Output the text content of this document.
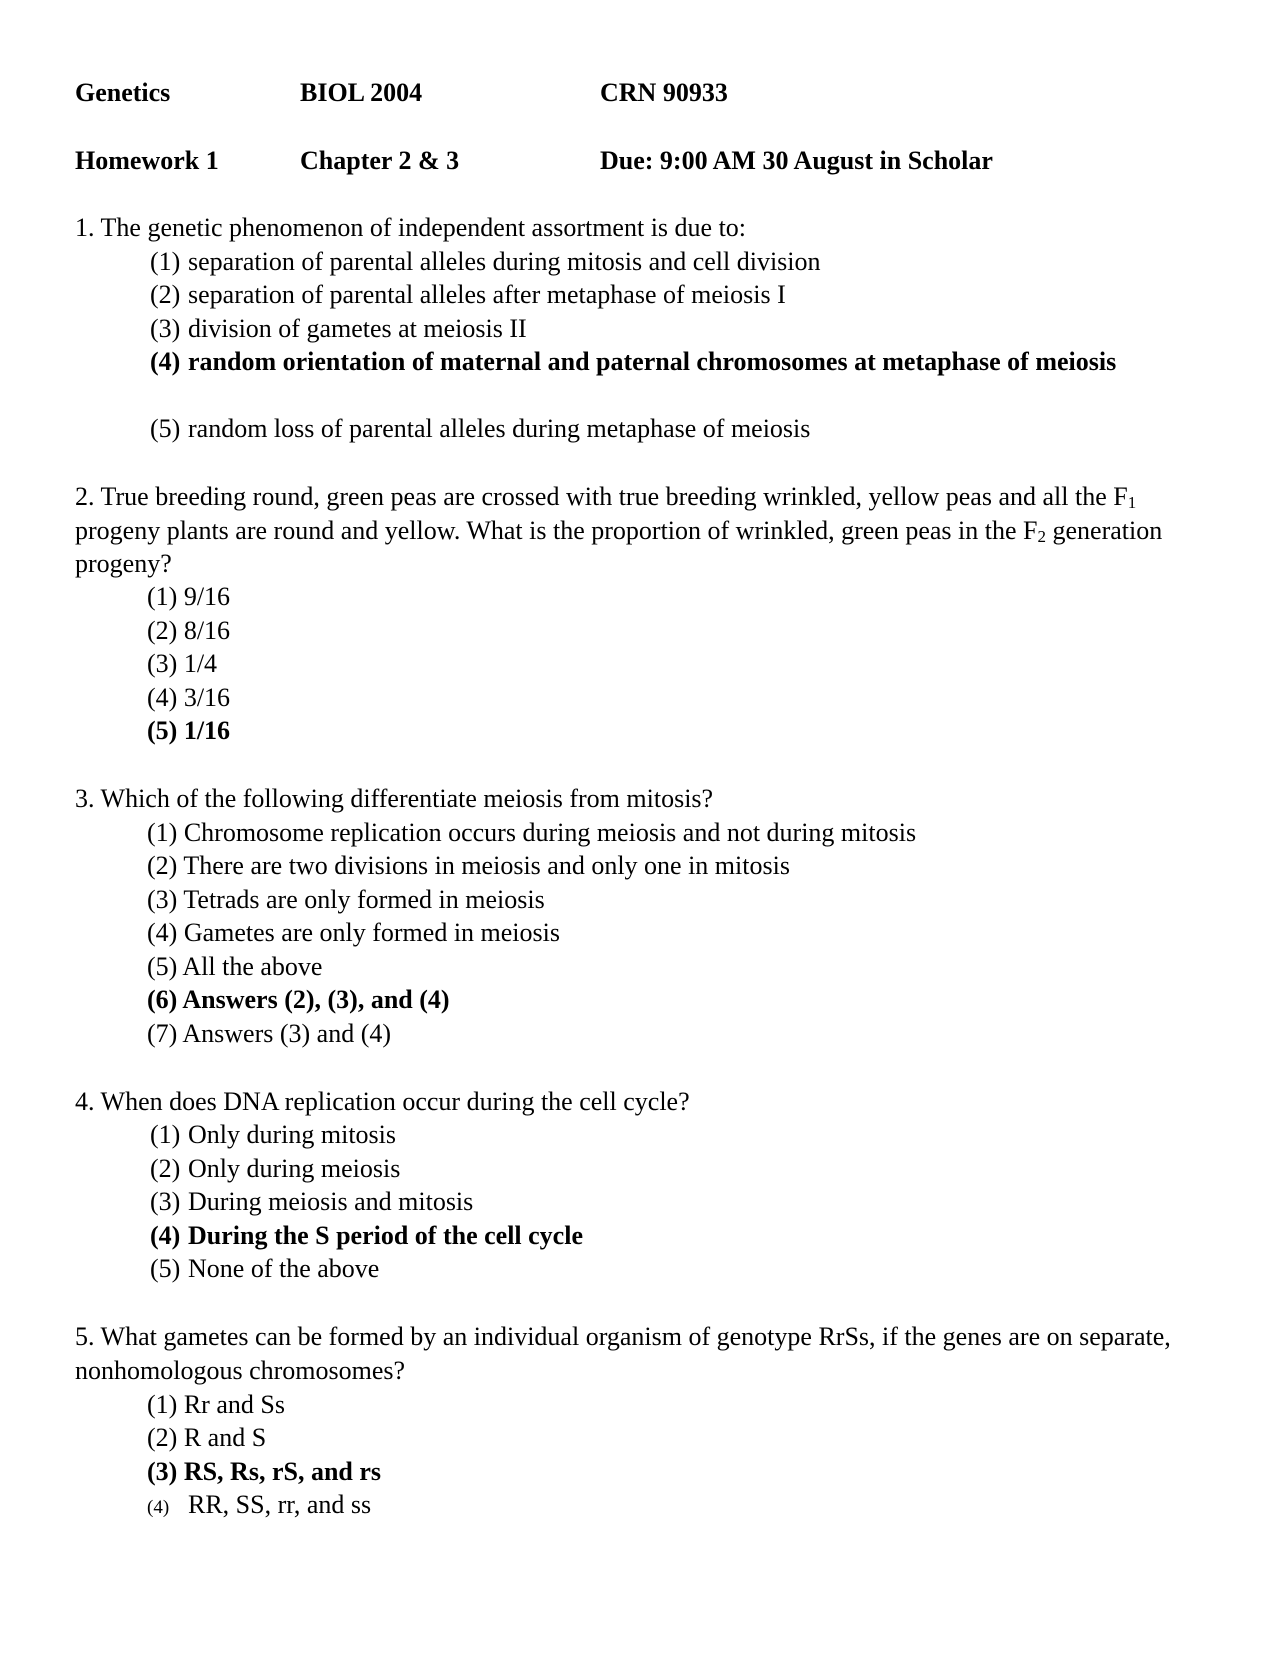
Genetics	BIOL 2004	CRN 90933
Homework 1	Chapter 2 & 3	Due: 9:00 AM 30 August in Scholar
1. The genetic phenomenon of independent assortment is due to:
(1) separation of parental alleles during mitosis and cell division
(2) separation of parental alleles after metaphase of meiosis I
(3) division of gametes at meiosis II
(4) random orientation of maternal and paternal chromosomes at metaphase of meiosis
(5) random loss of parental alleles during metaphase of meiosis
2. True breeding round, green peas are crossed with true breeding wrinkled, yellow peas and all the $F_1$ progeny plants are round and yellow. What is the proportion of wrinkled, green peas in the $F_2$ generation progeny?
(1) 9/16
(2) 8/16
(3) 1/4
(4) 3/16
(5) 1/16
3. Which of the following differentiate meiosis from mitosis?
(1) Chromosome replication occurs during meiosis and not during mitosis
(2) There are two divisions in meiosis and only one in mitosis
(3) Tetrads are only formed in meiosis
(4) Gametes are only formed in meiosis
(5) All the above
(6) Answers (2), (3), and (4)
(7) Answers (3) and (4)
4. When does DNA replication occur during the cell cycle?
(1) Only during mitosis
(2) Only during meiosis
(3) During meiosis and mitosis
(4) During the S period of the cell cycle
(5) None of the above
5. What gametes can be formed by an individual organism of genotype RrSs, if the genes are on separate, nonhomologous chromosomes?
(1) Rr and Ss
(2) R and S
(3) RS, Rs, rS, and rs
(4) RR, SS, rr, and ss
